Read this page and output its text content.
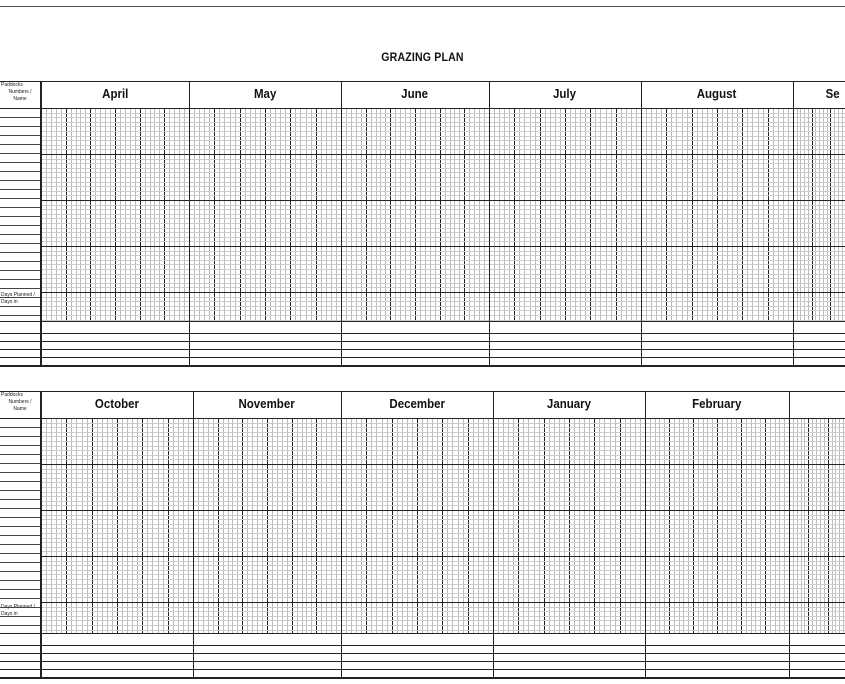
GRAZING PLAN
Paddocks
Numbers /
Name
Days Planned /
Days in
April	May	June	July	August	Se
Paddocks
Numbers /
Name
Days Planned /
Days in
October	November	December	January	February
